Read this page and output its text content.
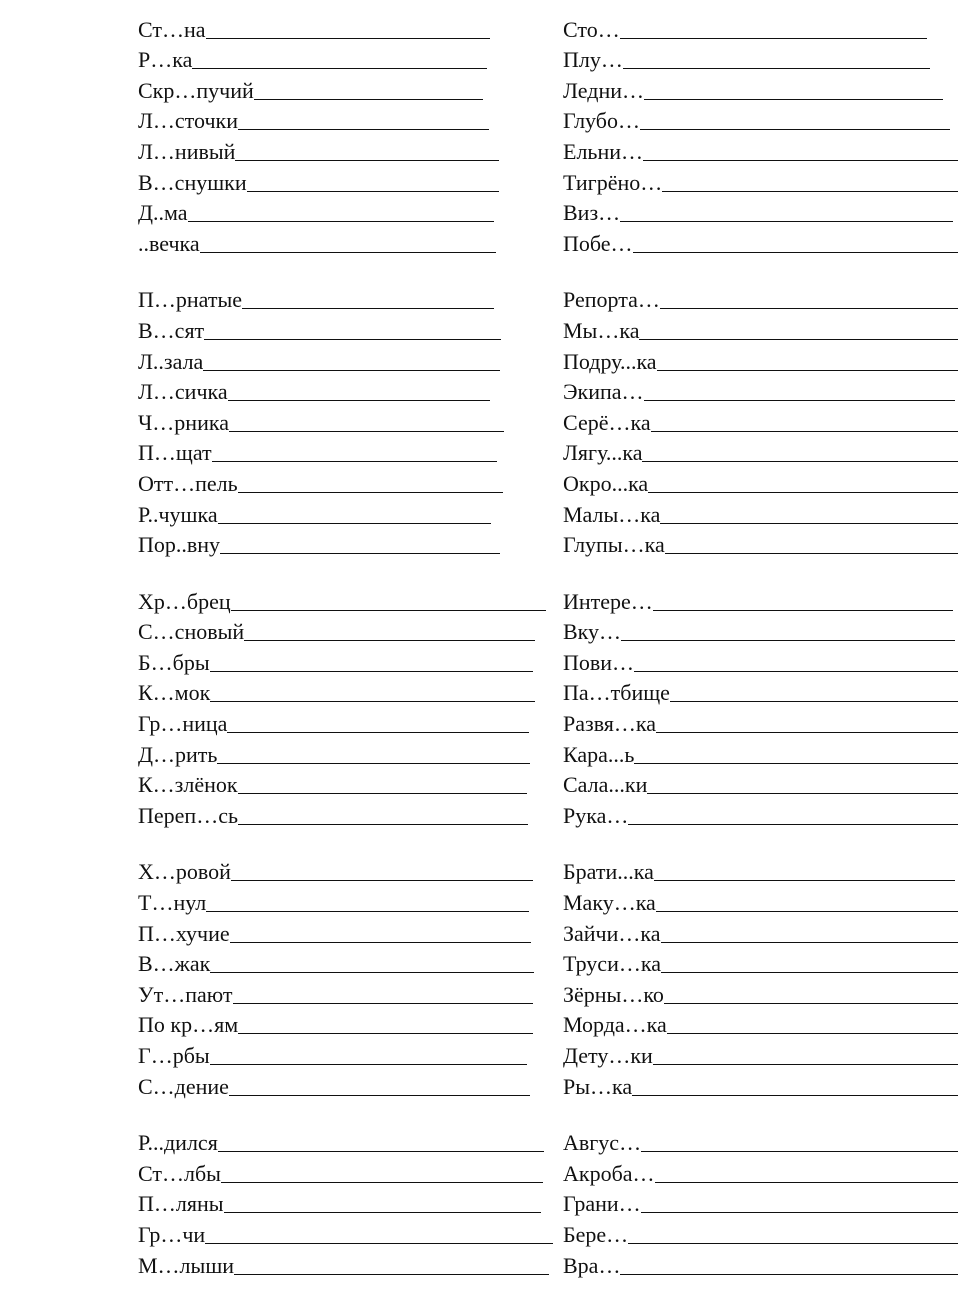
Ст…на
Р…ка
Скр…пучий
Л…сточки
Л…нивый
В…снушки
Д..ма
..вечка
П…рнатые
В…сят
Л..зала
Л…сичка
Ч…рника
П…щат
Отт…пель
Р..чушка
Пор..вну
Хр…брец
С…сновый
Б…бры
К…мок
Гр…ница
Д…рить
К…злёнок
Переп…сь
Х…ровой
Т…нул
П…хучие
В…жак
Ут…пают
По кр…ям
Г…рбы
С…дение
Р...дился
Ст…лбы
П…ляны
Гр…чи
М…лыши
Сто…
Плу…
Ледни…
Глубо…
Ельни…
Тигрёно…
Виз…
Побе…
Репорта…
Мы…ка
Подру...ка
Экипа…
Серё…ка
Лягу...ка
Окро...ка
Малы…ка
Глупы…ка
Интере…
Вку…
Пови…
Па…тбище
Развя…ка
Кара...ь
Сала...ки
Рука…
Брати...ка
Маку…ка
Зайчи…ка
Труси…ка
Зёрны…ко
Морда…ка
Дету…ки
Ры…ка
Авгус…
Акроба…
Грани…
Бере…
Вра…
